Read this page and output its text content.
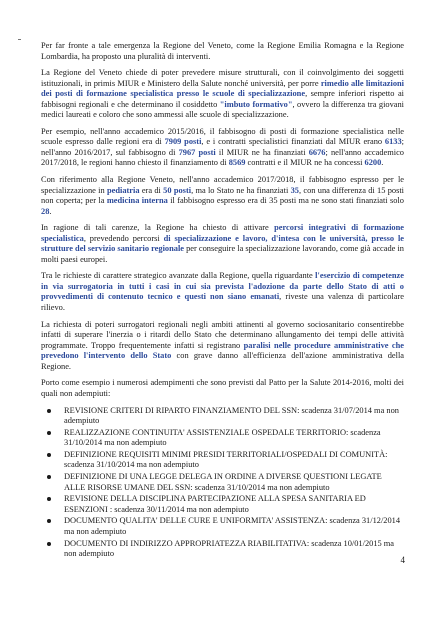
Per far fronte a tale emergenza la Regione del Veneto, come la Regione Emilia Romagna e la Regione Lombardia, ha proposto una pluralità di interventi.

La Regione del Veneto chiede di poter prevedere misure strutturali, con il coinvolgimento dei soggetti istituzionali, in primis MIUR e Ministero della Salute nonché università, per porre rimedio alle limitazioni dei posti di formazione specialistica presso le scuole di specializzazione, sempre inferiori rispetto ai fabbisogni regionali e che determinano il cosiddetto "imbuto formativo", ovvero la differenza tra giovani medici laureati e coloro che sono ammessi alle scuole di specializzazione.

Per esempio, nell'anno accademico 2015/2016, il fabbisogno di posti di formazione specialistica nelle scuole espresso dalle regioni era di 7909 posti, e i contratti specialistici finanziati dal MIUR erano 6133; nell'anno 2016/2017, sul fabbisogno di 7967 posti il MIUR ne ha finanziati 6676; nell'anno accademico 2017/2018, le regioni hanno chiesto il finanziamento di 8569 contratti e il MIUR ne ha concessi 6200.

Con riferimento alla Regione Veneto, nell'anno accademico 2017/2018, il fabbisogno espresso per le specializzazione in pediatria era di 50 posti, ma lo Stato ne ha finanziati 35, con una differenza di 15 posti non coperta; per la medicina interna il fabbisogno espresso era di 35 posti ma ne sono stati finanziati solo 28.

In ragione di tali carenze, la Regione ha chiesto di attivare percorsi integrativi di formazione specialistica, prevedendo percorsi di specializzazione e lavoro, d'intesa con le università, presso le strutture del servizio sanitario regionale per conseguire la specializzazione lavorando, come già accade in molti paesi europei.

Tra le richieste di carattere strategico avanzate dalla Regione, quella riguardante l'esercizio di competenze in via surrogatoria in tutti i casi in cui sia prevista l'adozione da parte dello Stato di atti o provvedimenti di contenuto tecnico e questi non siano emanati, riveste una valenza di particolare rilievo.

La richiesta di poteri surrogatori regionali negli ambiti attinenti al governo sociosanitario consentirebbe infatti di superare l'inerzia o i ritardi dello Stato che determinano allungamento dei tempi delle attività programmate. Troppo frequentemente infatti si registrano paralisi nelle procedure amministrative che prevedono l'intervento dello Stato con grave danno all'efficienza dell'azione amministrativa della Regione.

Porto come esempio i numerosi adempimenti che sono previsti dal Patto per la Salute 2014-2016, molti dei quali non adempiuti:

REVISIONE CRITERI DI RIPARTO FINANZIAMENTO DEL SSN: scadenza 31/07/2014 ma non adempiuto
REALIZZAZIONE CONTINUITA' ASSISTENZIALE OSPEDALE TERRITORIO: scadenza 31/10/2014 ma non adempiuto
DEFINIZIONE REQUISITI MINIMI PRESIDI TERRITORIALI/OSPEDALI DI COMUNITÀ: scadenza 31/10/2014 ma non adempiuto
DEFINIZIONE DI UNA LEGGE DELEGA IN ORDINE A DIVERSE QUESTIONI LEGATE ALLE RISORSE UMANE DEL SSN: scadenza 31/10/2014 ma non adempiuto
REVISIONE DELLA DISCIPLINA PARTECIPAZIONE ALLA SPESA SANITARIA ED ESENZIONI : scadenza 30/11/2014 ma non adempiuto
DOCUMENTO QUALITA' DELLE CURE E UNIFORMITA' ASSISTENZA: scadenza 31/12/2014 ma non adempiuto
DOCUMENTO DI INDIRIZZO APPROPRIATEZZA RIABILITATIVA: scadenza 10/01/2015 ma non adempiuto
4
